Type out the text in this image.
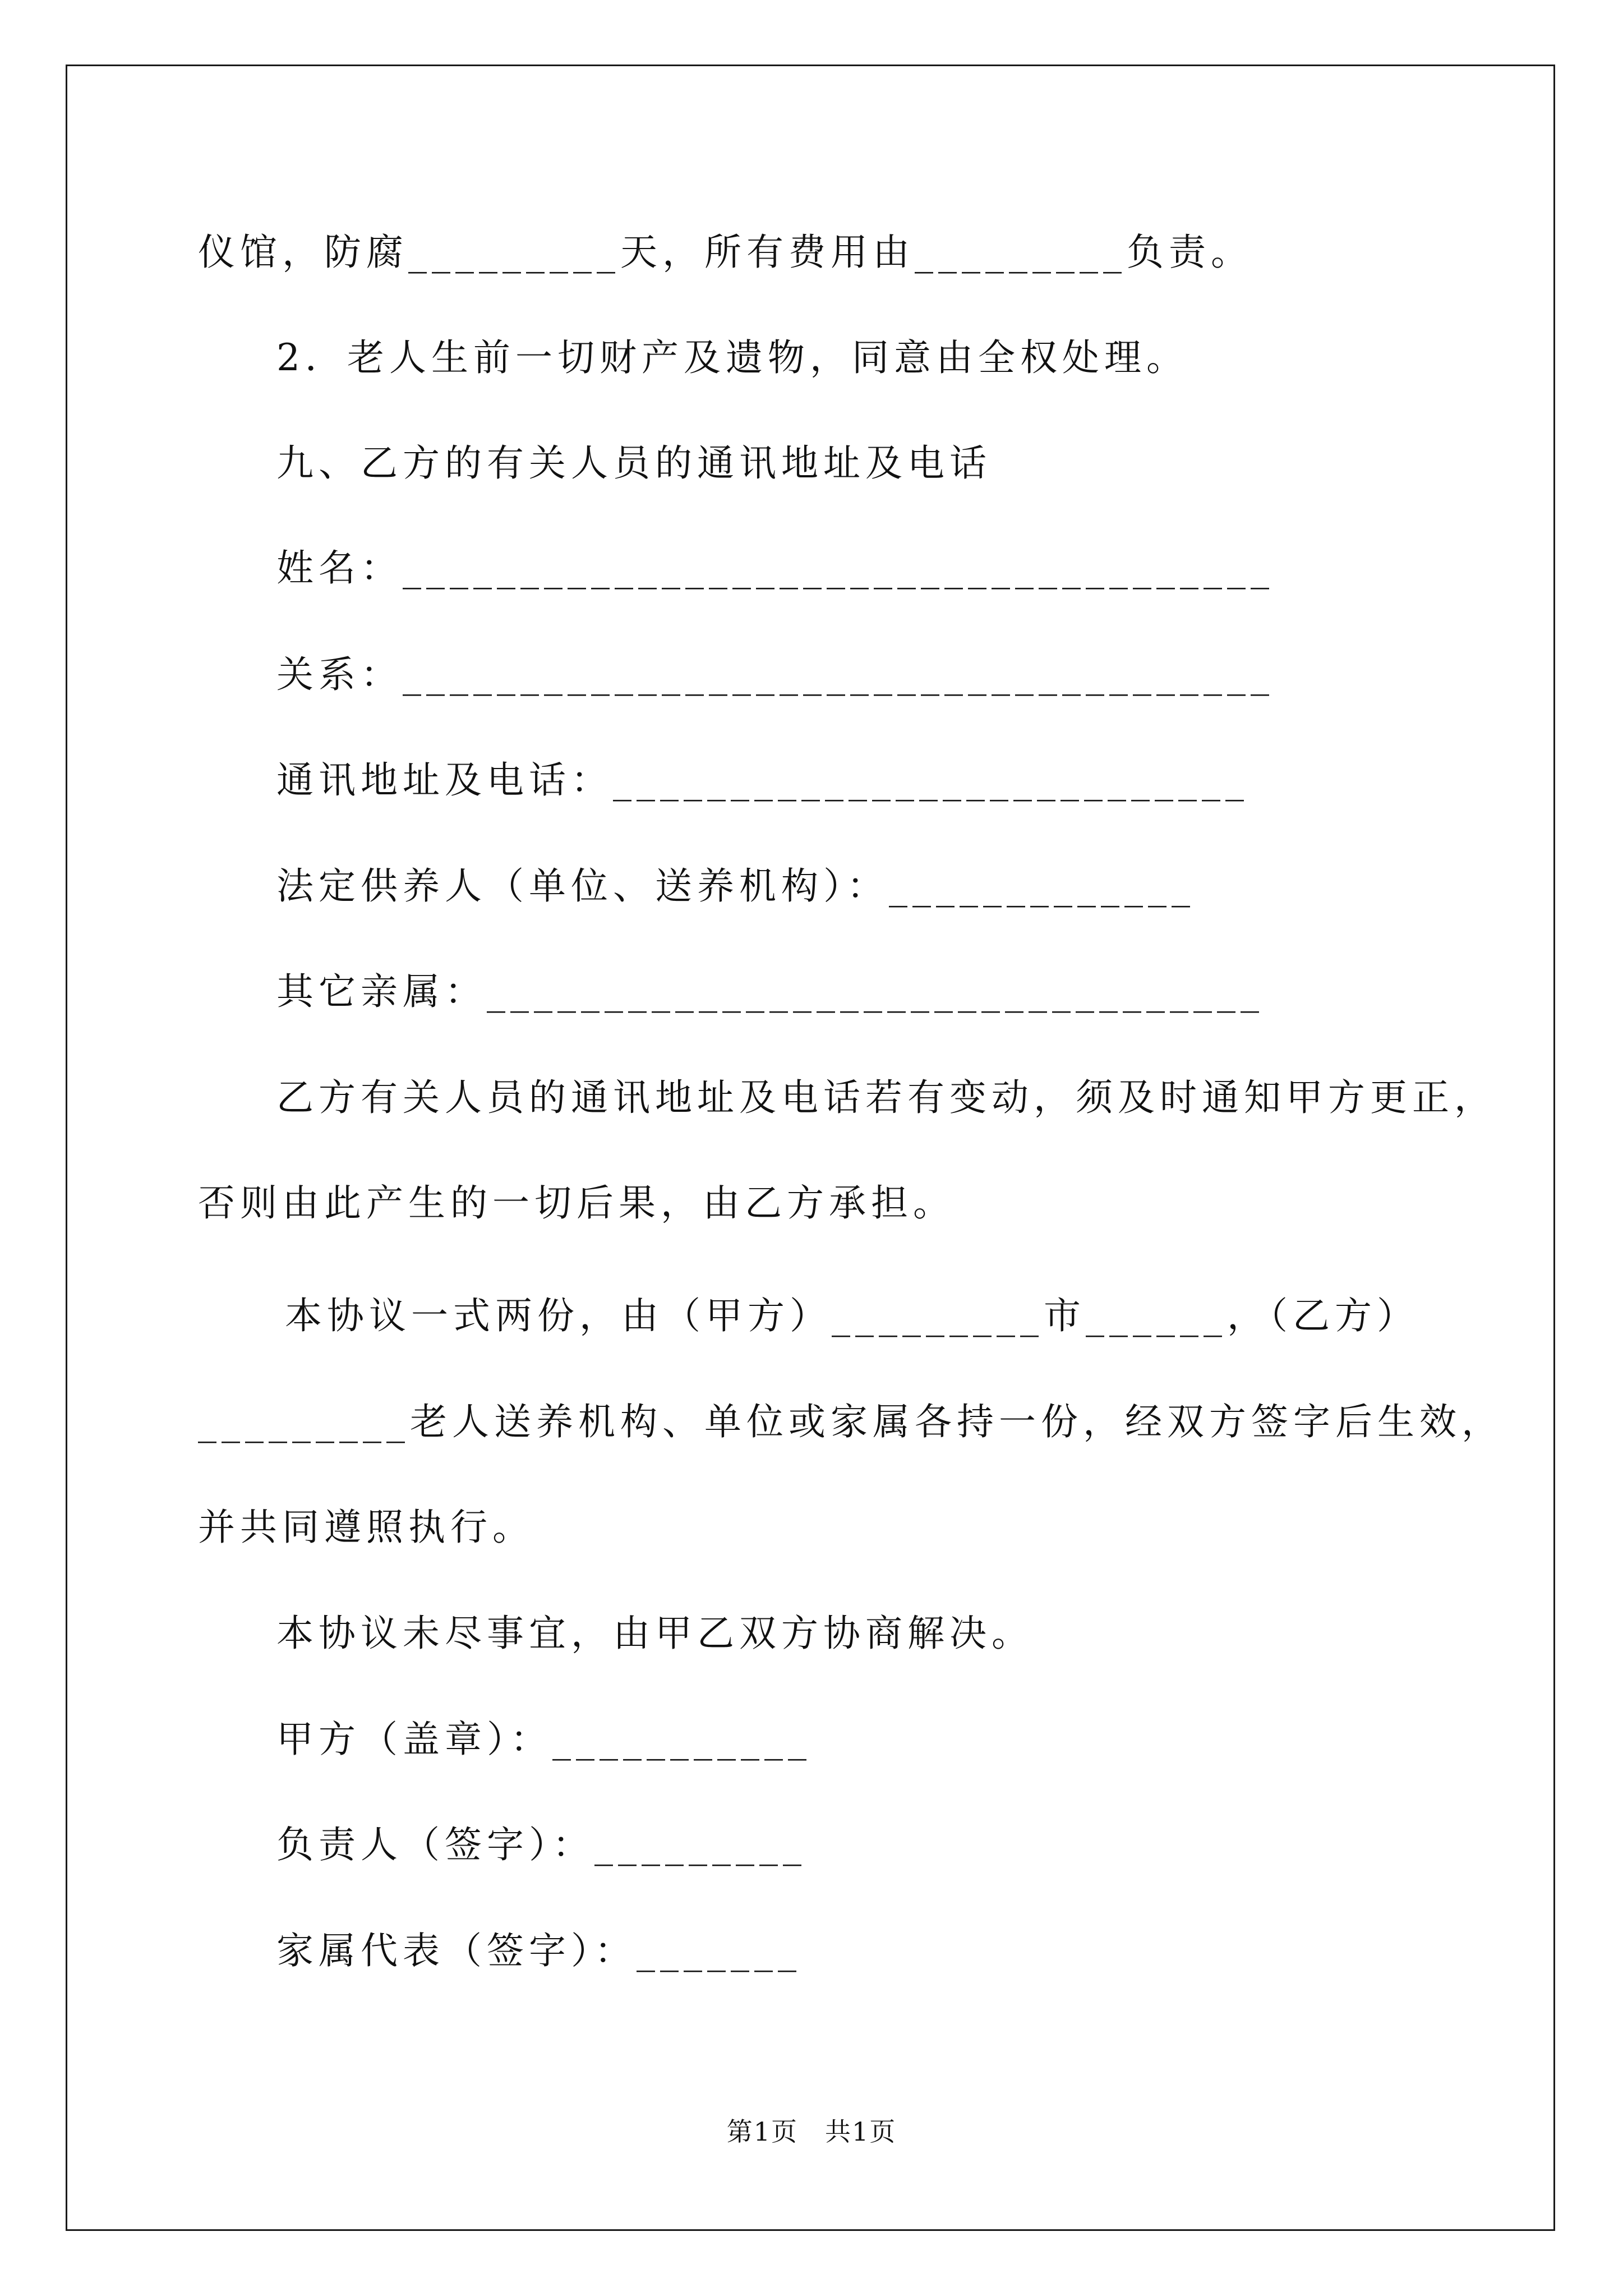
仪馆，防腐_________天，所有费用由_________负责。
2．老人生前一切财产及遗物，同意由全权处理。
九、乙方的有关人员的通讯地址及电话
姓名：_____________________________________
关系：_____________________________________
通讯地址及电话：___________________________
法定供养人（单位、送养机构）：_____________
其它亲属：_________________________________
乙方有关人员的通讯地址及电话若有变动，须及时通知甲方更正，
否则由此产生的一切后果，由乙方承担。
本协议一式两份，由（甲方）_________市______，（乙方）
_________老人送养机构、单位或家属各持一份，经双方签字后生效，
并共同遵照执行。
本协议未尽事宜，由甲乙双方协商解决。
甲方（盖章）：___________
负责人（签字）：_________
家属代表（签字）：_______
第1页　共1页
